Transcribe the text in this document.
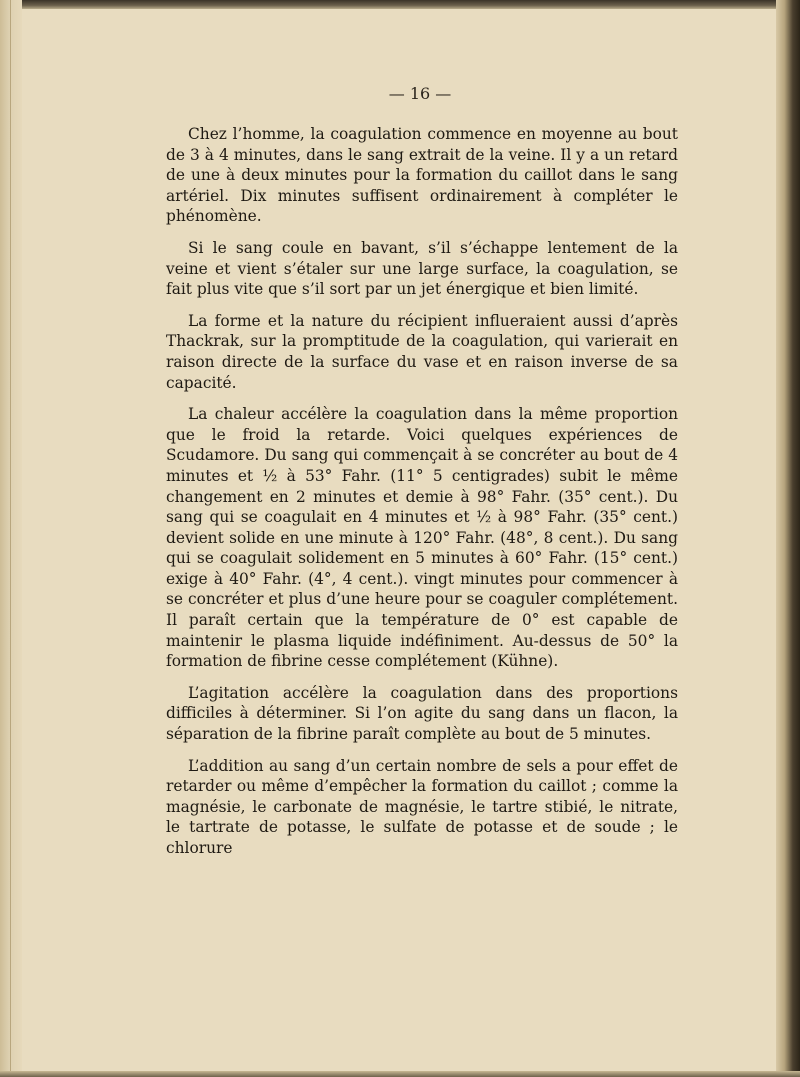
— 16 —

Chez l’homme, la coagulation commence en moyenne au bout de 3 à 4 minutes, dans le sang extrait de la veine. Il y a un retard de une à deux minutes pour la formation du caillot dans le sang artériel. Dix minutes suffisent ordinairement à compléter le phénomène.

Si le sang coule en bavant, s’il s’échappe lentement de la veine et vient s’étaler sur une large surface, la coagulation, se fait plus vite que s’il sort par un jet énergique et bien limité.

La forme et la nature du récipient influeraient aussi d’après Thackrak, sur la promptitude de la coagulation, qui varierait en raison directe de la surface du vase et en raison inverse de sa capacité.

La chaleur accélère la coagulation dans la même proportion que le froid la retarde. Voici quelques expériences de Scudamore. Du sang qui commençait à se concréter au bout de 4 minutes et ½ à 53° Fahr. (11° 5 centigrades) subit le même changement en 2 minutes et demie à 98° Fahr. (35° cent.). Du sang qui se coagulait en 4 minutes et ½ à 98° Fahr. (35° cent.) devient solide en une minute à 120° Fahr. (48°, 8 cent.). Du sang qui se coagulait solidement en 5 minutes à 60° Fahr. (15° cent.) exige à 40° Fahr. (4°, 4 cent.). vingt minutes pour commencer à se concréter et plus d’une heure pour se coaguler complétement. Il paraît certain que la température de 0° est capable de maintenir le plasma liquide indéfiniment. Au-dessus de 50° la formation de fibrine cesse complétement (Kühne).

L’agitation accélère la coagulation dans des proportions difficiles à déterminer. Si l’on agite du sang dans un flacon, la séparation de la fibrine paraît complète au bout de 5 minutes.

L’addition au sang d’un certain nombre de sels a pour effet de retarder ou même d’empêcher la formation du caillot ; comme la magnésie, le carbonate de magnésie, le tartre stibié, le nitrate, le tartrate de potasse, le sulfate de potasse et de soude ; le chlorure
